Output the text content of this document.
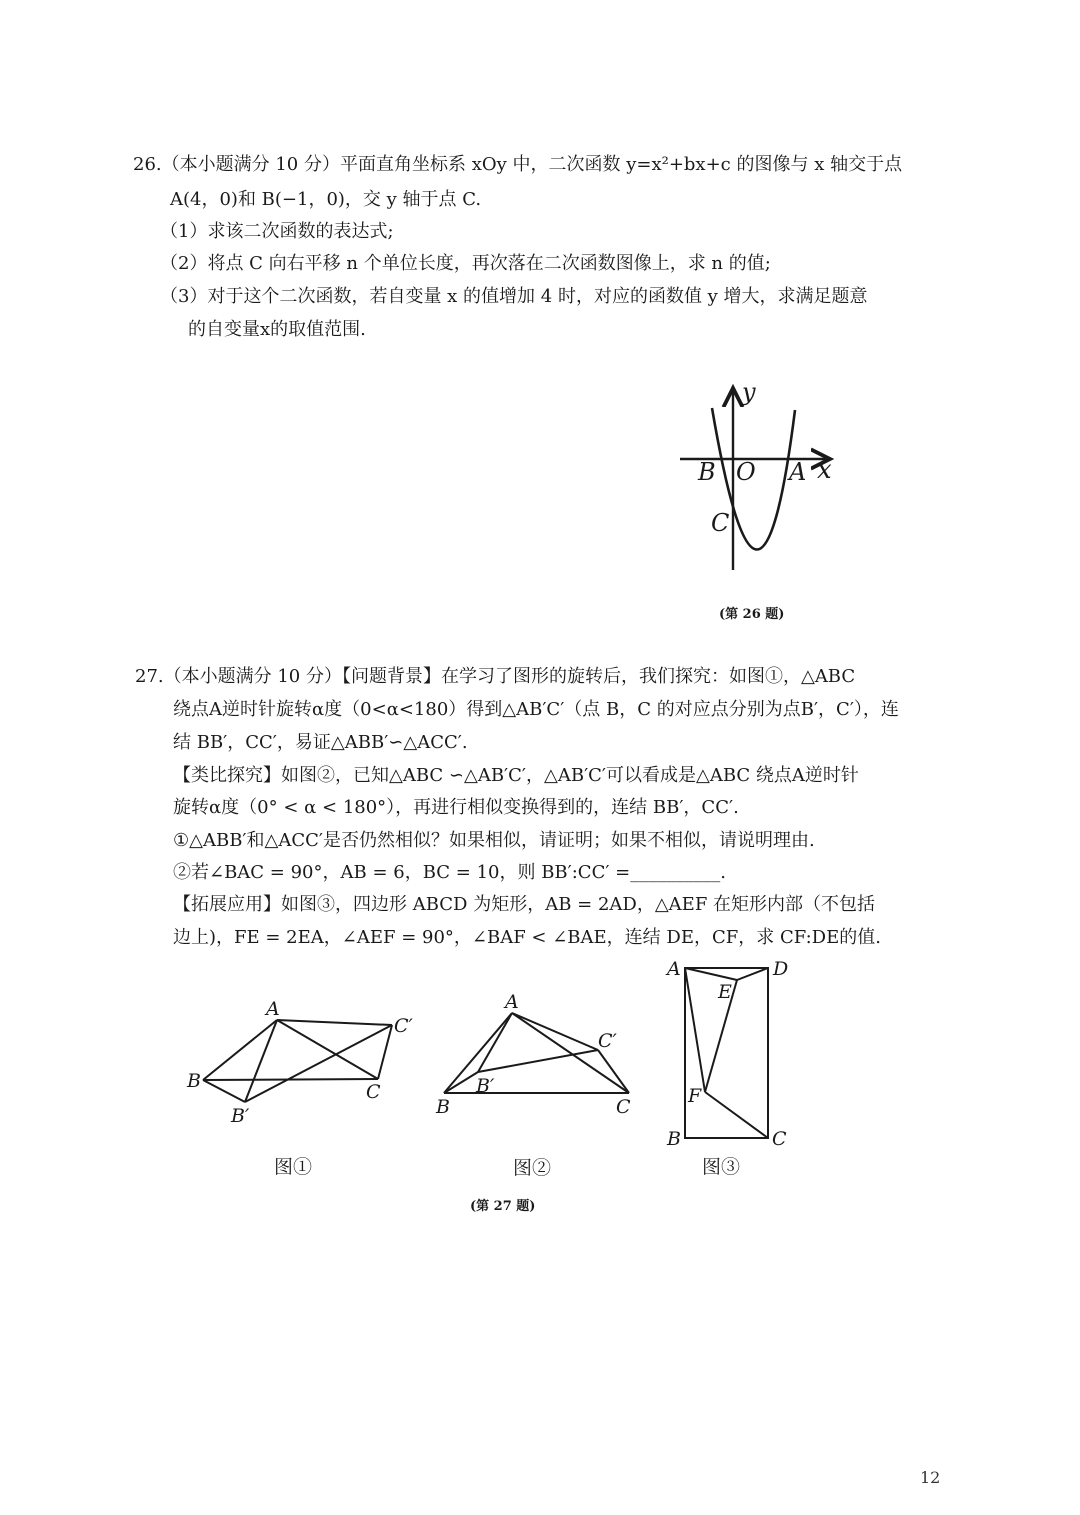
26.（本小题满分 10 分）平面直角坐标系 xOy 中，二次函数 y=x²+bx+c 的图像与 x 轴交于点
A(4，0)和 B(−1，0)，交 y 轴于点 C.
（1）求该二次函数的表达式;
（2）将点 C 向右平移 n 个单位长度，再次落在二次函数图像上，求 n 的值;
（3）对于这个二次函数，若自变量 x 的值增加 4 时，对应的函数值 y 增大，求满足题意
的自变量x的取值范围.
y
x
B O A
C
(第 26 题)
27.（本小题满分 10 分）【问题背景】在学习了图形的旋转后，我们探究：如图①，△ABC
绕点A逆时针旋转α度（0<α<180）得到△AB′C′（点 B，C 的对应点分别为点B′，C′），连
结 BB′，CC′，易证△ABB′∽△ACC′.
【类比探究】如图②，已知△ABC ∽△AB′C′，△AB′C′可以看成是△ABC 绕点A逆时针
旋转α度（0° < α < 180°），再进行相似变换得到的，连结 BB′，CC′.
①△ABB′和△ACC′是否仍然相似？如果相似，请证明；如果不相似，请说明理由.
②若∠BAC = 90°，AB = 6，BC = 10，则 BB′:CC′ =__________.
【拓展应用】如图③，四边形 ABCD 为矩形，AB = 2AD，△AEF 在矩形内部（不包括
边上)，FE = 2EA，∠AEF = 90°，∠BAF < ∠BAE，连结 DE，CF，求 CF:DE的值.
A
B	C
B′
C′
A
B	C
B′
C′
A	D
E
F
B	C
图①	图②	图③
(第 27 题)
12
